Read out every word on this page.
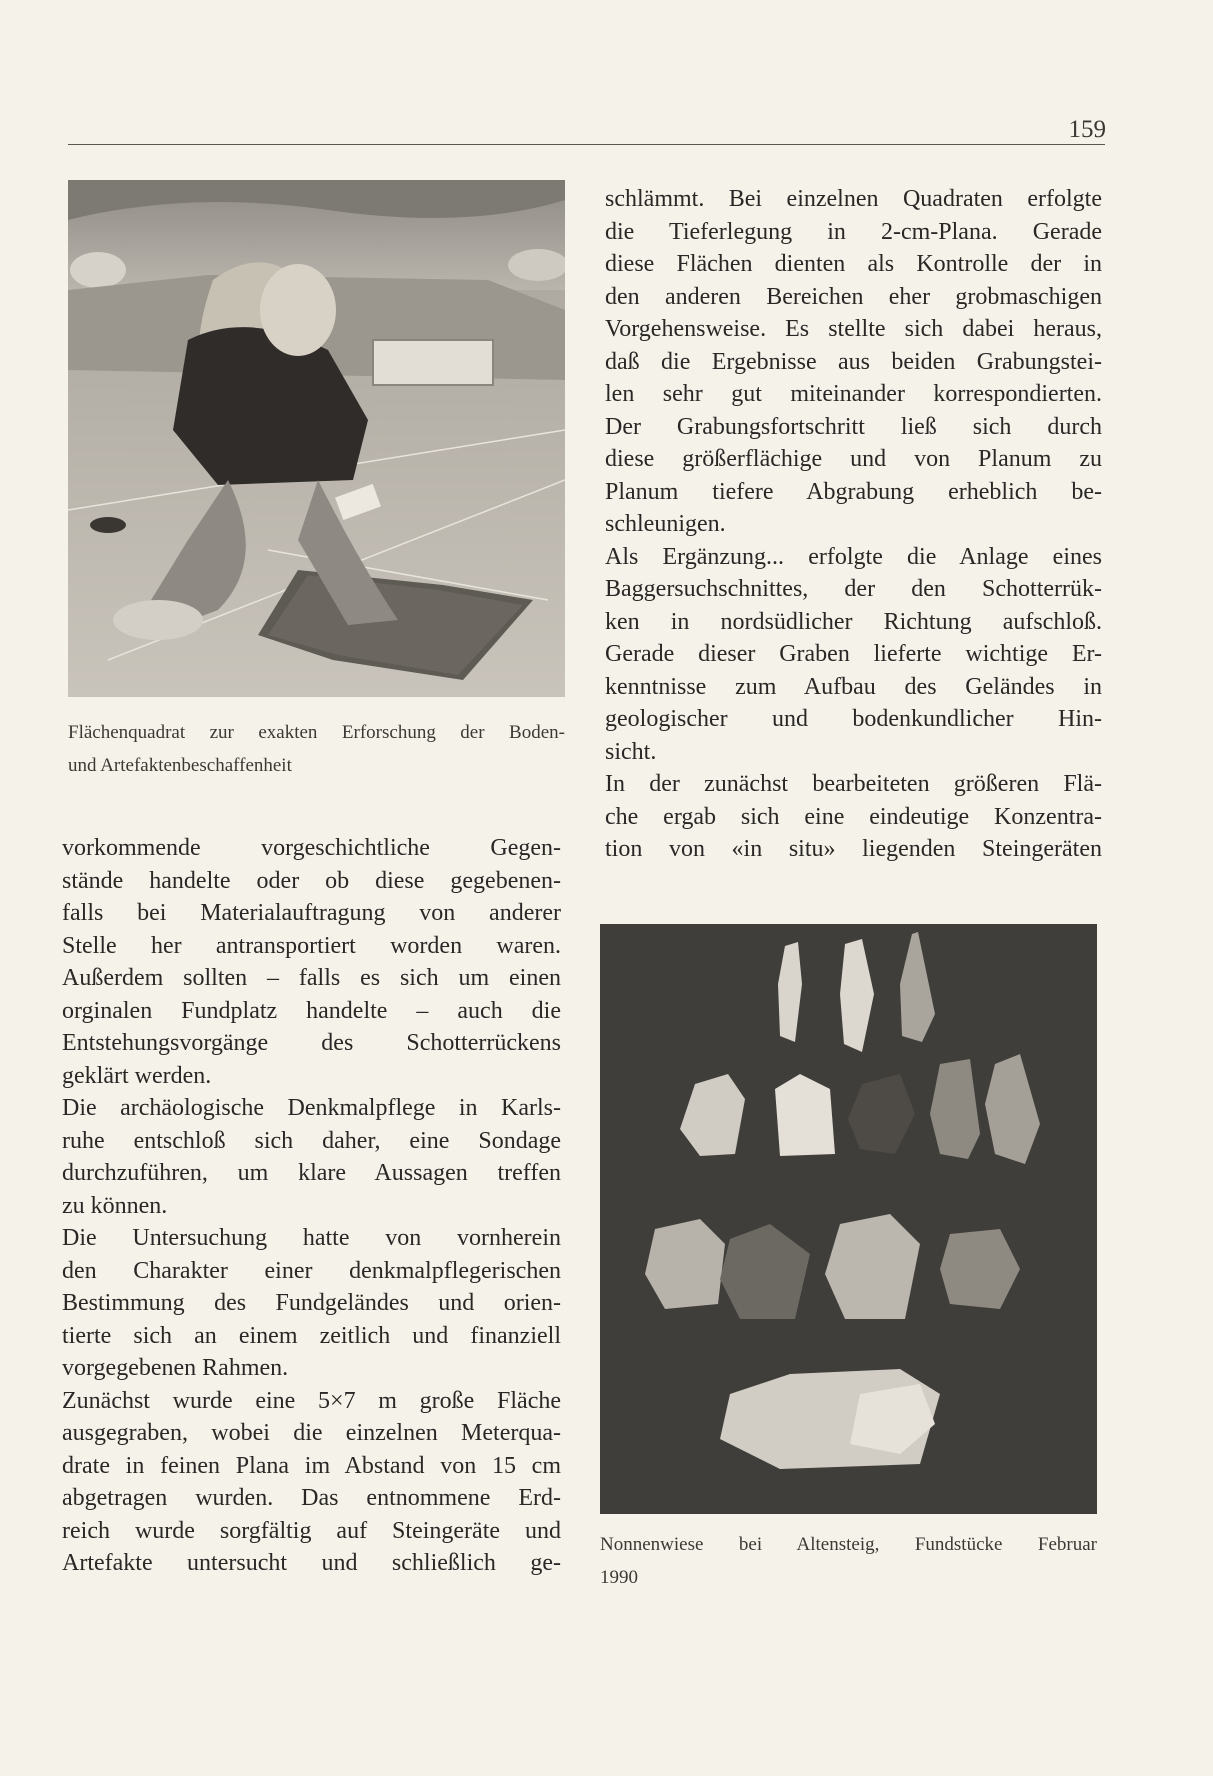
159
Flächenquadrat zur exakten Erforschung der Boden-
und Artefaktenbeschaffenheit
Nonnenwiese bei Altensteig, Fundstücke Februar
1990
vorkommende vorgeschichtliche Gegen-
stände handelte oder ob diese gegebenen-
falls bei Materialauftragung von anderer
Stelle her antransportiert worden waren.
Außerdem sollten – falls es sich um einen
orginalen Fundplatz handelte – auch die
Entstehungsvorgänge des Schotterrückens
geklärt werden.
Die archäologische Denkmalpflege in Karls-
ruhe entschloß sich daher, eine Sondage
durchzuführen, um klare Aussagen treffen
zu können.
Die Untersuchung hatte von vornherein
den Charakter einer denkmalpflegerischen
Bestimmung des Fundgeländes und orien-
tierte sich an einem zeitlich und finanziell
vorgegebenen Rahmen.
Zunächst wurde eine 5×7 m große Fläche
ausgegraben, wobei die einzelnen Meterqua-
drate in feinen Plana im Abstand von 15 cm
abgetragen wurden. Das entnommene Erd-
reich wurde sorgfältig auf Steingeräte und
Artefakte untersucht und schließlich ge-
schlämmt. Bei einzelnen Quadraten erfolgte
die Tieferlegung in 2-cm-Plana. Gerade
diese Flächen dienten als Kontrolle der in
den anderen Bereichen eher grobmaschigen
Vorgehensweise. Es stellte sich dabei heraus,
daß die Ergebnisse aus beiden Grabungstei-
len sehr gut miteinander korrespondierten.
Der Grabungsfortschritt ließ sich durch
diese größerflächige und von Planum zu
Planum tiefere Abgrabung erheblich be-
schleunigen.
Als Ergänzung... erfolgte die Anlage eines
Baggersuchschnittes, der den Schotterrük-
ken in nordsüdlicher Richtung aufschloß.
Gerade dieser Graben lieferte wichtige Er-
kenntnisse zum Aufbau des Geländes in
geologischer und bodenkundlicher Hin-
sicht.
In der zunächst bearbeiteten größeren Flä-
che ergab sich eine eindeutige Konzentra-
tion von «in situ» liegenden Steingeräten
